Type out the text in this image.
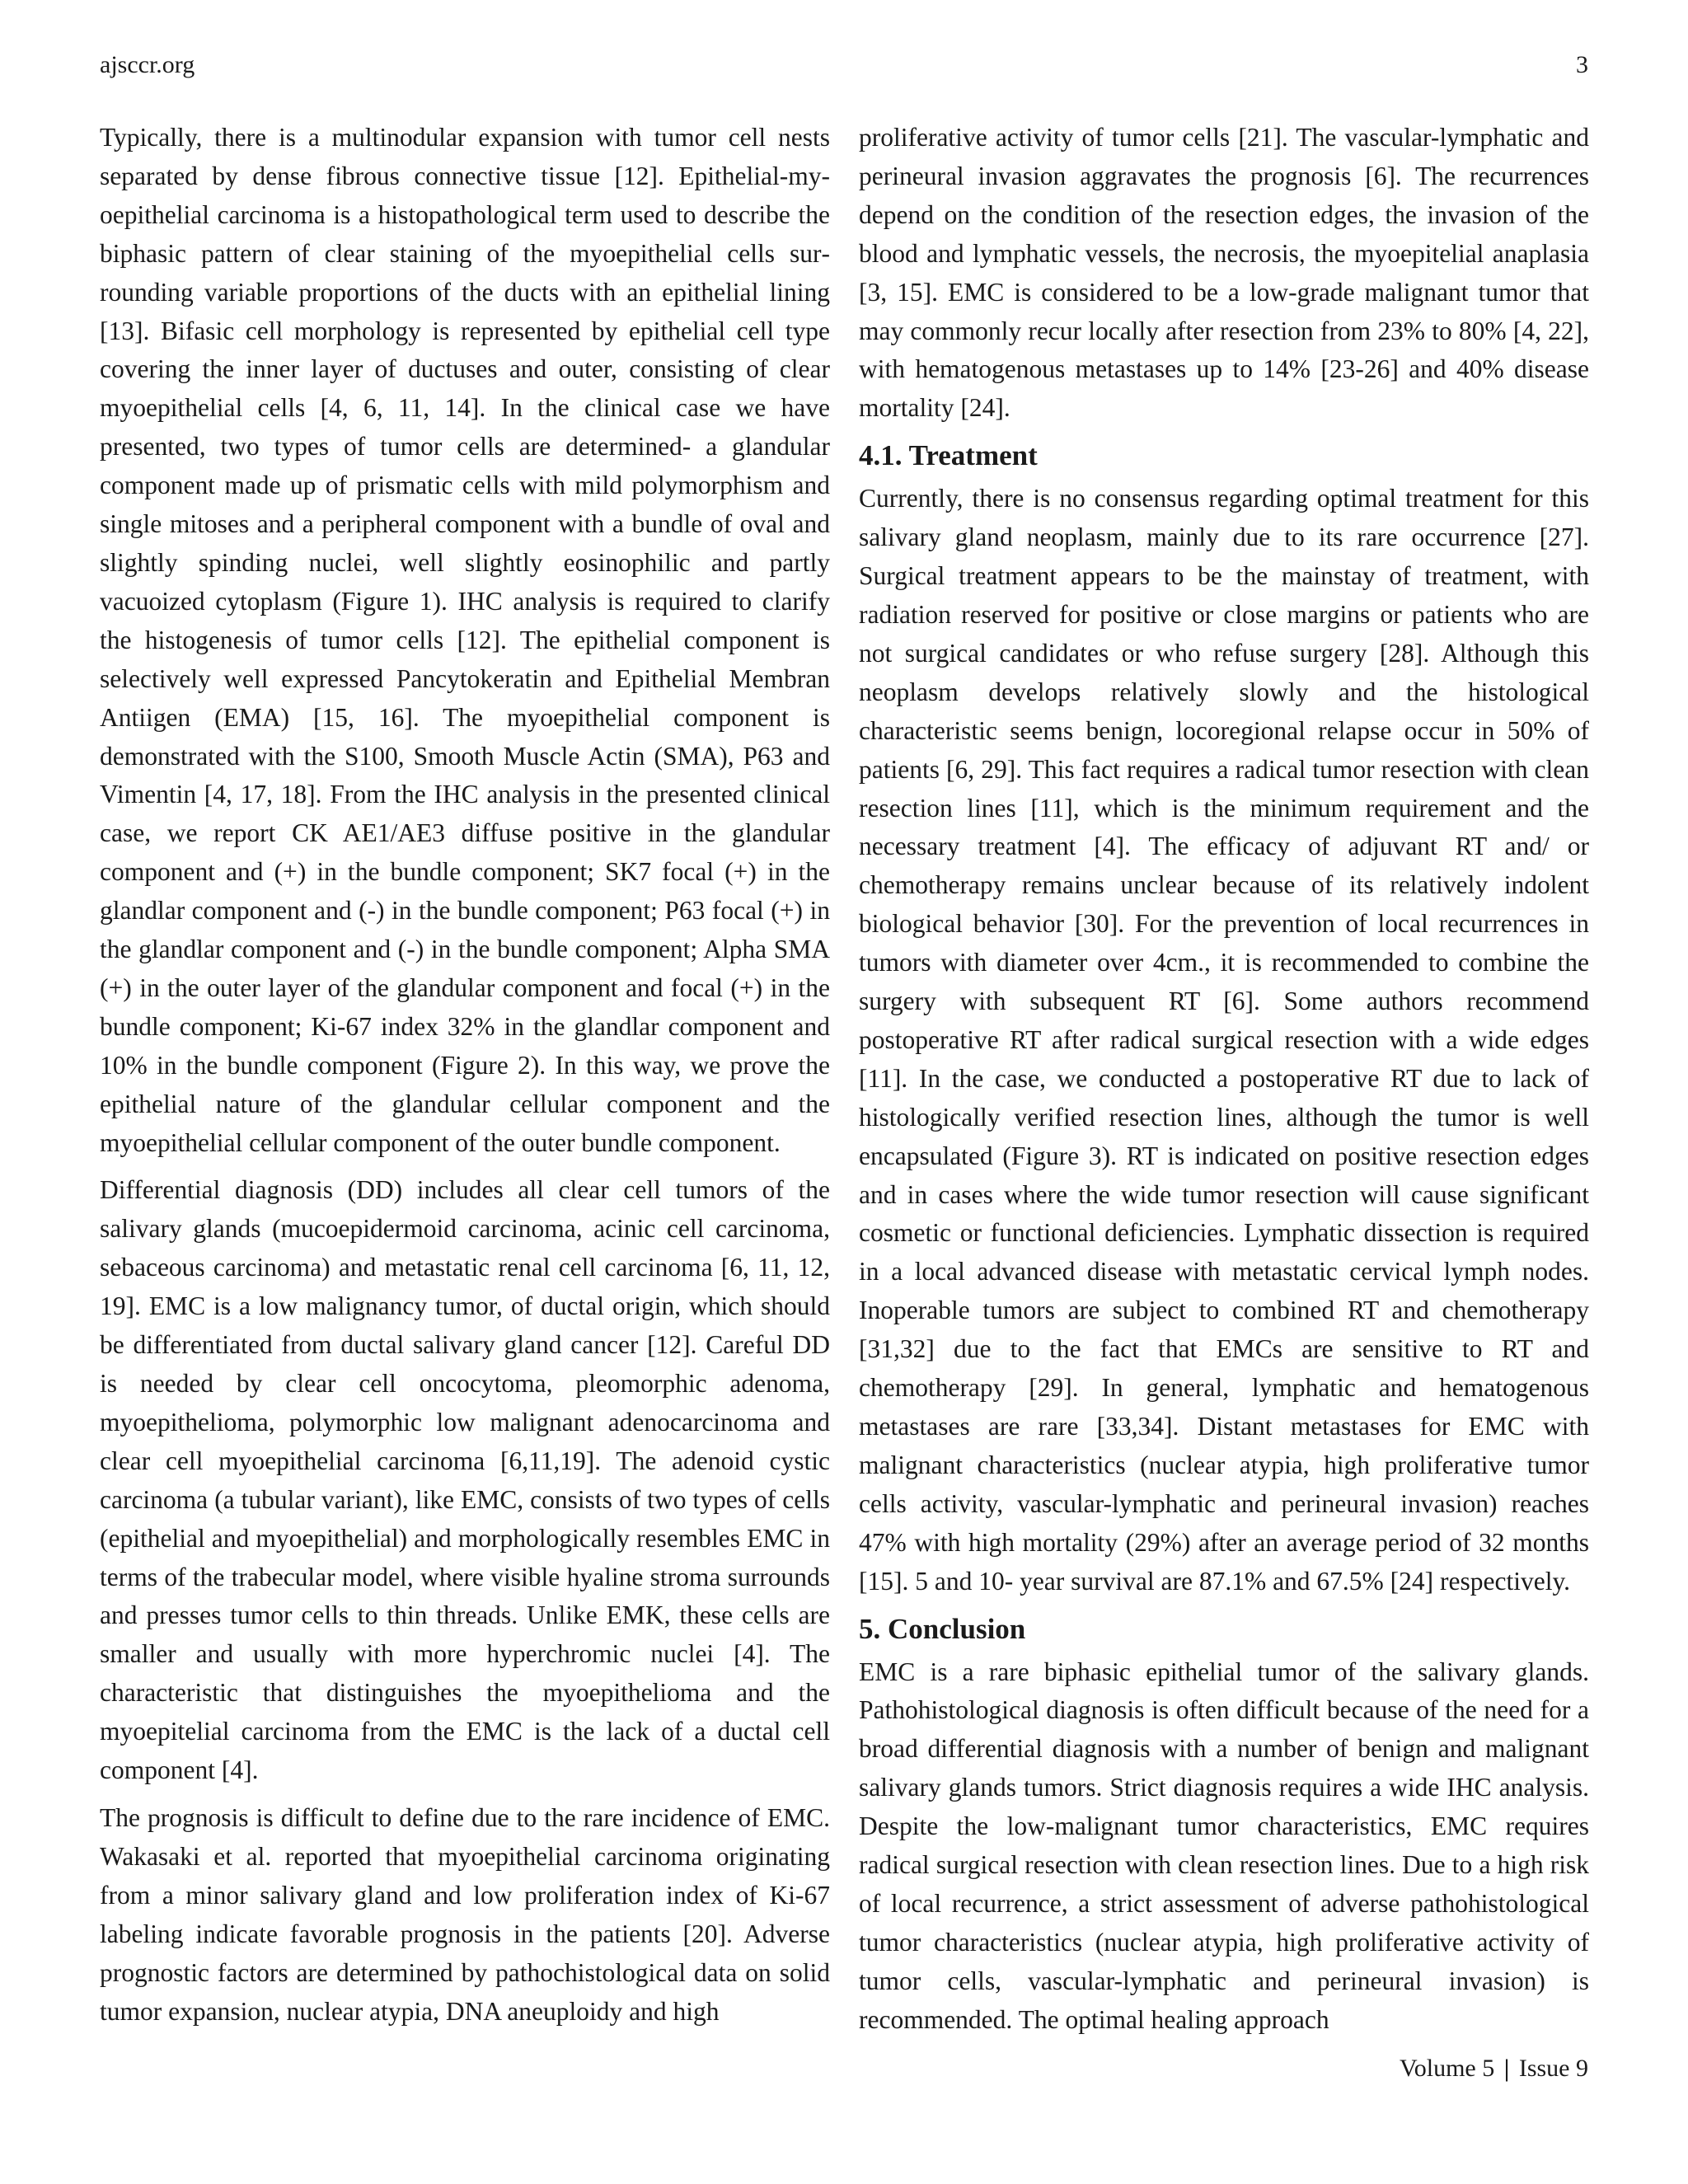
ajsccr.org	3

Typically, there is a multinodular expansion with tumor cell nests separated by dense fibrous connective tissue [12]. Epithelial-myoepithelial carcinoma is a histopathological term used to describe the biphasic pattern of clear staining of the myoepithelial cells surrounding variable proportions of the ducts with an epithelial lining [13]. Bifasic cell morphology is represented by epithelial cell type covering the inner layer of ductuses and outer, consisting of clear myoepithelial cells [4, 6, 11, 14]. In the clinical case we have presented, two types of tumor cells are determined- a glandular component made up of prismatic cells with mild polymorphism and single mitoses and a peripheral component with a bundle of oval and slightly spinding nuclei, well slightly eosinophilic and partly vacuoized cytoplasm (Figure 1). IHC analysis is required to clarify the histogenesis of tumor cells [12]. The epithelial component is selectively well expressed Pancytokeratin and Epithelial Membran Antiigen (EMA) [15, 16]. The myoepithelial component is demonstrated with the S100, Smooth Muscle Actin (SMA), P63 and Vimentin [4, 17, 18]. From the IHC analysis in the presented clinical case, we report CK AE1/AE3 diffuse positive in the glandular component and (+) in the bundle component; SK7 focal (+) in the glandlar component and (-) in the bundle component; P63 focal (+) in the glandlar component and (-) in the bundle component; Alpha SMA (+) in the outer layer of the glandular component and focal (+) in the bundle component; Ki-67 index 32% in the glandlar component and 10% in the bundle component (Figure 2). In this way, we prove the epithelial nature of the glandular cellular component and the myoepithelial cellular component of the outer bundle component.

Differential diagnosis (DD) includes all clear cell tumors of the salivary glands (mucoepidermoid carcinoma, acinic cell carcinoma, sebaceous carcinoma) and metastatic renal cell carcinoma [6, 11, 12, 19]. EMC is a low malignancy tumor, of ductal origin, which should be differentiated from ductal salivary gland cancer [12]. Careful DD is needed by clear cell oncocytoma, pleomorphic adenoma, myoepithelioma, polymorphic low malignant adenocarcinoma and clear cell myoepithelial carcinoma [6,11,19]. The adenoid cystic carcinoma (a tubular variant), like EMC, consists of two types of cells (epithelial and myoepithelial) and morphologically resembles EMC in terms of the trabecular model, where visible hyaline stroma surrounds and presses tumor cells to thin threads. Unlike EMK, these cells are smaller and usually with more hyperchromic nuclei [4]. The characteristic that distinguishes the myoepithelioma and the myoepitelial carcinoma from the EMC is the lack of a ductal cell component [4].

The prognosis is difficult to define due to the rare incidence of EMC. Wakasaki et al. reported that myoepithelial carcinoma originating from a minor salivary gland and low proliferation index of Ki-67 labeling indicate favorable prognosis in the patients [20]. Adverse prognostic factors are determined by pathochistological data on solid tumor expansion, nuclear atypia, DNA aneuploidy and high

proliferative activity of tumor cells [21]. The vascular-lymphatic and perineural invasion aggravates the prognosis [6]. The recurrences depend on the condition of the resection edges, the invasion of the blood and lymphatic vessels, the necrosis, the myoepitelial anaplasia [3, 15]. EMC is considered to be a low-grade malignant tumor that may commonly recur locally after resection from 23% to 80% [4, 22], with hematogenous metastases up to 14% [23-26] and 40% disease mortality [24].

4.1. Treatment

Currently, there is no consensus regarding optimal treatment for this salivary gland neoplasm, mainly due to its rare occurrence [27]. Surgical treatment appears to be the mainstay of treatment, with radiation reserved for positive or close margins or patients who are not surgical candidates or who refuse surgery [28]. Although this neoplasm develops relatively slowly and the histological characteristic seems benign, locoregional relapse occur in 50% of patients [6, 29]. This fact requires a radical tumor resection with clean resection lines [11], which is the minimum requirement and the necessary treatment [4]. The efficacy of adjuvant RT and/ or chemotherapy remains unclear because of its relatively indolent biological behavior [30]. For the prevention of local recurrences in tumors with diameter over 4cm., it is recommended to combine the surgery with subsequent RT [6]. Some authors recommend postoperative RT after radical surgical resection with a wide edges [11]. In the case, we conducted a postoperative RT due to lack of histologically verified resection lines, although the tumor is well encapsulated (Figure 3). RT is indicated on positive resection edges and in cases where the wide tumor resection will cause significant cosmetic or functional deficiencies. Lymphatic dissection is required in a local advanced disease with metastatic cervical lymph nodes. Inoperable tumors are subject to combined RT and chemotherapy [31,32] due to the fact that EMCs are sensitive to RT and chemotherapy [29]. In general, lymphatic and hematogenous metastases are rare [33,34]. Distant metastases for EMC with malignant characteristics (nuclear atypia, high proliferative tumor cells activity, vascular-lymphatic and perineural invasion) reaches 47% with high mortality (29%) after an average period of 32 months [15]. 5 and 10- year survival are 87.1% and 67.5% [24] respectively.

5. Conclusion

EMC is a rare biphasic epithelial tumor of the salivary glands. Pathohistological diagnosis is often difficult because of the need for a broad differential diagnosis with a number of benign and malignant salivary glands tumors. Strict diagnosis requires a wide IHC analysis. Despite the low-malignant tumor characteristics, EMC requires radical surgical resection with clean resection lines. Due to a high risk of local recurrence, a strict assessment of adverse pathohistological tumor characteristics (nuclear atypia, high proliferative activity of tumor cells, vascular-lymphatic and perineural invasion) is recommended. The optimal healing approach

Volume 5 | Issue 9
